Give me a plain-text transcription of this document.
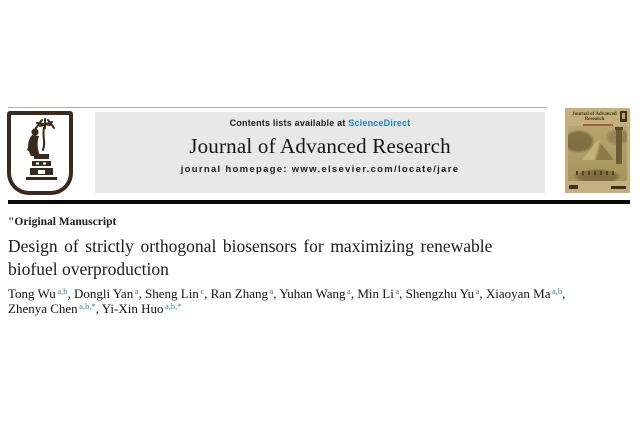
Contents lists available at ScienceDirect
Journal of Advanced Research
journal homepage: www.elsevier.com/locate/jare
Journal of Advanced Research
"Original Manuscript
Design of strictly orthogonal biosensors for maximizing renewable
biofuel overproduction

Tong Wu $^{a,b}$, Dongli Yan $^a$, Sheng Lin $^c$, Ran Zhang $^a$, Yuhan Wang $^a$, Min Li $^a$, Shengzhu Yu $^a$, Xiaoyan Ma $^{a,b}$,
Zhenya Chen $^{a,b,*}$, Yi-Xin Huo $^{a,b,*}$
